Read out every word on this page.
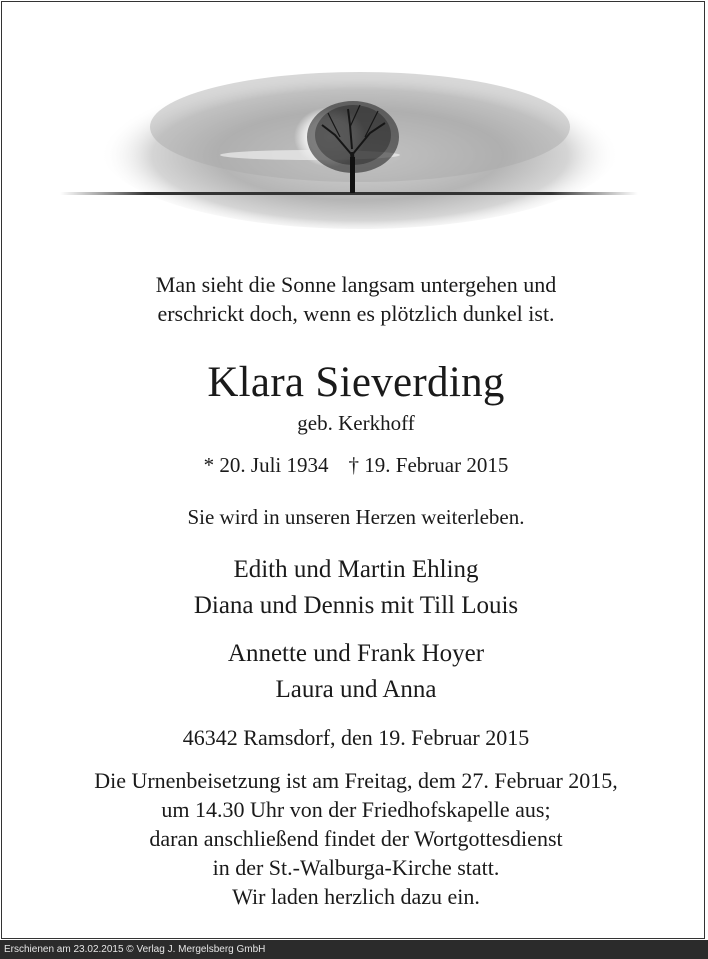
Man sieht die Sonne langsam untergehen und
erschrickt doch, wenn es plötzlich dunkel ist.
Klara Sieverding
geb. Kerkhoff
* 20. Juli 1934 † 19. Februar 2015
Sie wird in unseren Herzen weiterleben.
Edith und Martin Ehling
Diana und Dennis mit Till Louis
Annette und Frank Hoyer
Laura und Anna
46342 Ramsdorf, den 19. Februar 2015
Die Urnenbeisetzung ist am Freitag, dem 27. Februar 2015,
um 14.30 Uhr von der Friedhofskapelle aus;
daran anschließend findet der Wortgottesdienst
in der St.-Walburga-Kirche statt.
Wir laden herzlich dazu ein.
Erschienen am 23.02.2015 © Verlag J. Mergelsberg GmbH
